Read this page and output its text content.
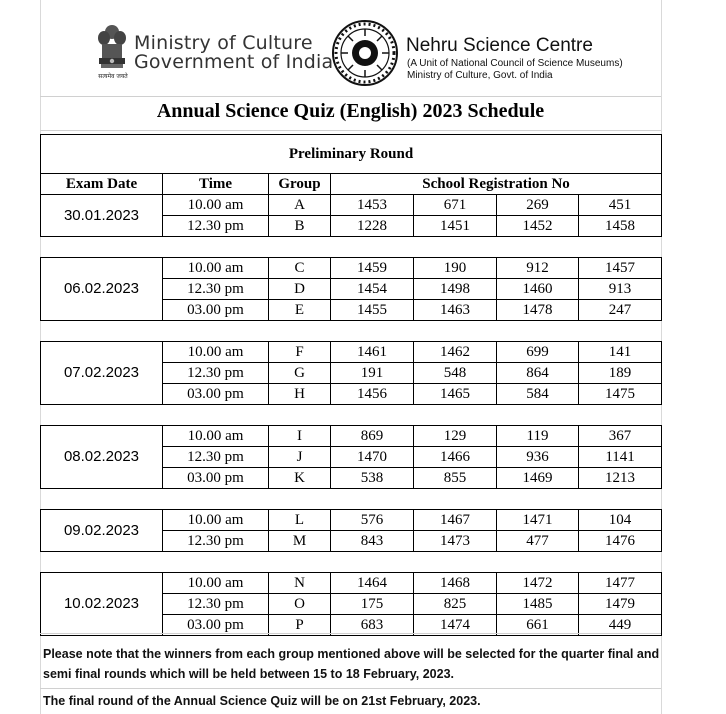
सत्यमेव जयते
Ministry of Culture
Government of India
Nehru Science Centre
(A Unit of National Council of Science Museums)
Ministry of Culture, Govt. of India
Annual Science Quiz (English) 2023 Schedule
Preliminary Round						
Exam Date	Time	Group	School Registration No			
30.01.2023	10.00 am	A	1453	671	269	451
	12.30 pm	B	1228	1451	1452	1458

06.02.2023	10.00 am	C	1459	190	912	1457
	12.30 pm	D	1454	1498	1460	913
	03.00 pm	E	1455	1463	1478	247

07.02.2023	10.00 am	F	1461	1462	699	141
	12.30 pm	G	191	548	864	189
	03.00 pm	H	1456	1465	584	1475

08.02.2023	10.00 am	I	869	129	119	367
	12.30 pm	J	1470	1466	936	1141
	03.00 pm	K	538	855	1469	1213

09.02.2023	10.00 am	L	576	1467	1471	104
	12.30 pm	M	843	1473	477	1476

10.02.2023	10.00 am	N	1464	1468	1472	1477
	12.30 pm	O	175	825	1485	1479
	03.00 pm	P	683	1474	661	449
Please note that the winners from each group mentioned above will be selected for the quarter final and semi final rounds which will be held between 15 to 18 February, 2023.
The final round of the Annual Science Quiz will be on 21st February, 2023.
